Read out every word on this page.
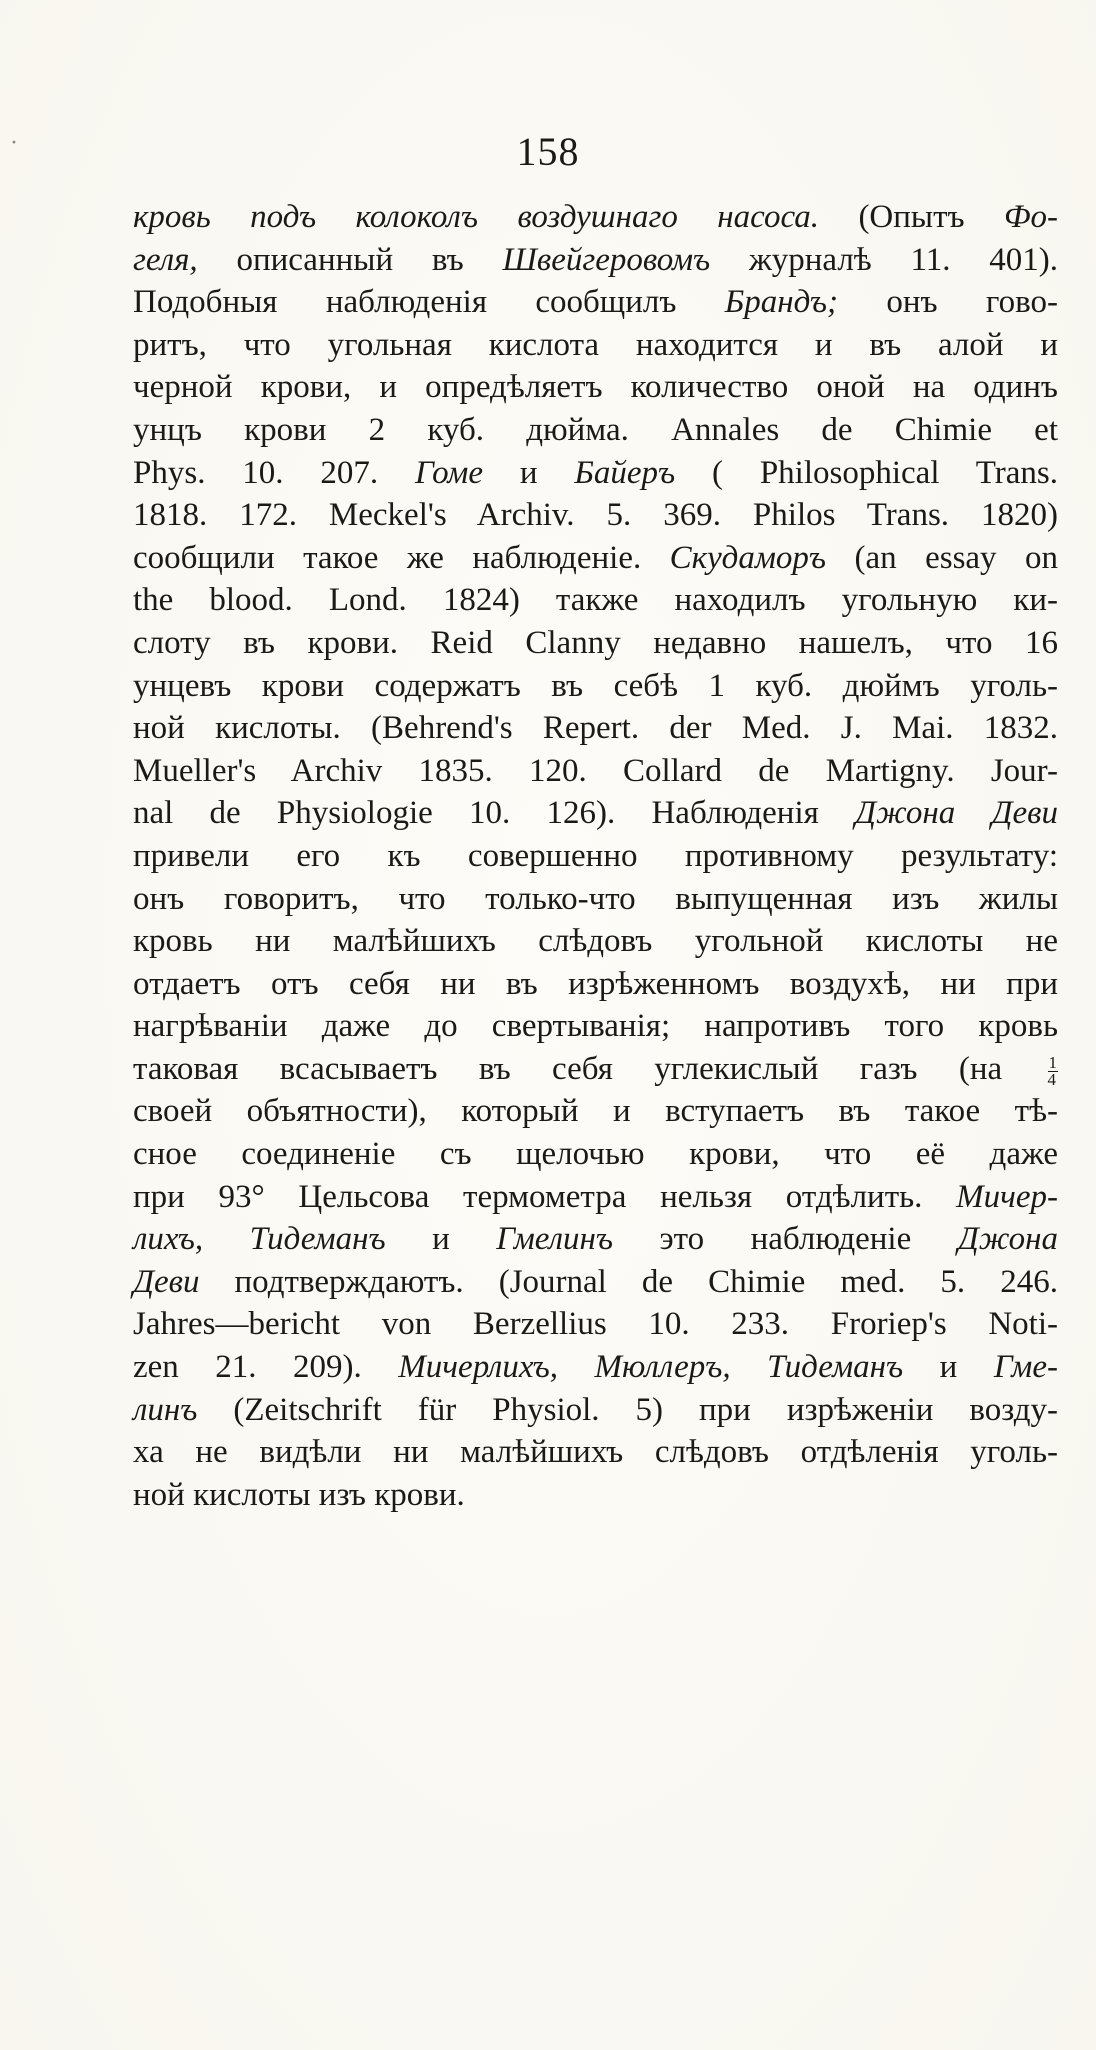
158
кровь подъ колоколъ воздушнаго насоса. (Опытъ Фо-
геля, описанный въ Швейгеровомъ журналѣ 11. 401).
Подобныя наблюденія сообщилъ Брандъ; онъ гово-
ритъ, что угольная кислота находится и въ алой и
черной крови, и опредѣляетъ количество оной на одинъ
унцъ крови 2 куб. дюйма. Annales de Chimie et
Phys. 10. 207. Гоме и Байеръ ( Philosophical Trans.
1818. 172. Meckel's Archiv. 5. 369. Philos Trans. 1820)
сообщили такое же наблюденіе. Скудаморъ (an essay on
the blood. Lond. 1824) также находилъ угольную ки-
слоту въ крови. Reid Clanny недавно нашелъ, что 16
унцевъ крови содержатъ въ себѣ 1 куб. дюймъ уголь-
ной кислоты. (Behrend's Repert. der Med. J. Mai. 1832.
Mueller's Archiv 1835. 120. Collard de Martigny. Jour-
nal de Physiologie 10. 126). Наблюденія Джона Деви
привели его къ совершенно противному результату:
онъ говоритъ, что только-что выпущенная изъ жилы
кровь ни малѣйшихъ слѣдовъ угольной кислоты не
отдаетъ отъ себя ни въ изрѣженномъ воздухѣ, ни при
нагрѣваніи даже до свертыванія; напротивъ того кровь
таковая всасываетъ въ себя углекислый газъ (на	$\frac{1}{4}$
своей объятности), который и вступаетъ въ такое тѣ-
сное соединеніе съ щелочью крови, что её даже
при 93° Цельсова термометра нельзя отдѣлить. Мичер-
лихъ, Тидеманъ и Гмелинъ это наблюденіе Джона
Деви подтверждаютъ. (Journal de Chimie med. 5. 246.
Jahres—bericht von Berzellius 10. 233. Froriep's Noti-
zen 21. 209). Мичерлихъ, Мюллеръ, Тидеманъ и Гме-
линъ (Zeitschrift für Physiol. 5) при изрѣженіи возду-
ха не видѣли ни малѣйшихъ слѣдовъ отдѣленія уголь-
ной кислоты изъ крови.
·
